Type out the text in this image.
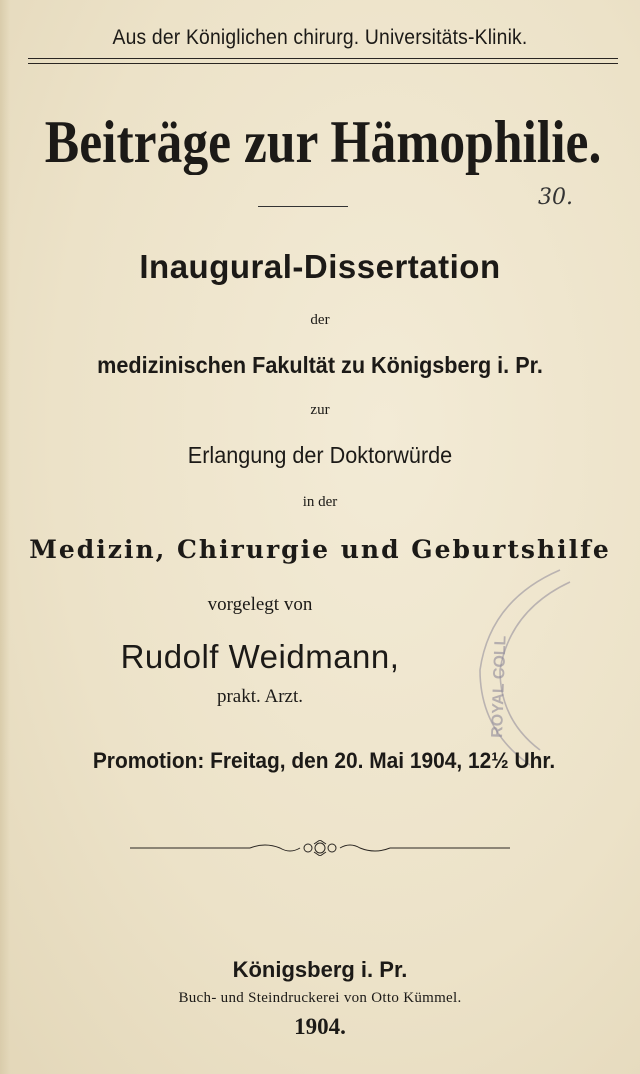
Aus der Königlichen chirurg. Universitäts-Klinik.
Beiträge zur Hämophilie.
30.
Inaugural-Dissertation
der
medizinischen Fakultät zu Königsberg i. Pr.
zur
Erlangung der Doktorwürde
in der
Medizin, Chirurgie und Geburtshilfe
vorgelegt von
Rudolf Weidmann,
prakt. Arzt.	ROYAL COLL
Promotion: Freitag, den 20. Mai 1904, 12½ Uhr.
Königsberg i. Pr.
Buch- und Steindruckerei von Otto Kümmel.
1904.
